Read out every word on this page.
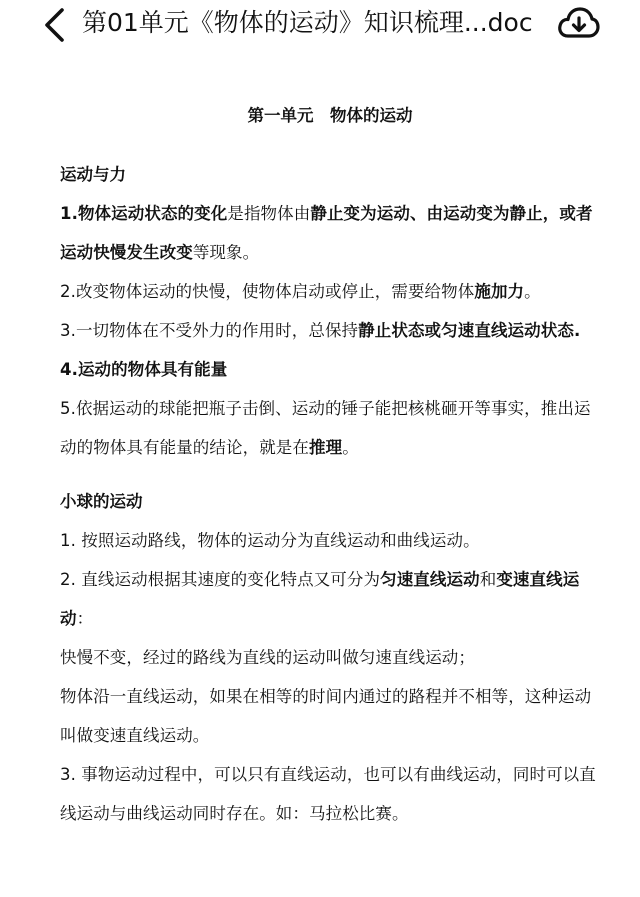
第01单元《物体的运动》知识梳理...doc
第一单元　物体的运动
运动与力

1.物体运动状态的变化是指物体由静止变为运动、由运动变为静止，或者运动快慢发生改变等现象。

2.改变物体运动的快慢，使物体启动或停止，需要给物体施加力。

3.一切物体在不受外力的作用时，总保持静止状态或匀速直线运动状态.

4.运动的物体具有能量

5.依据运动的球能把瓶子击倒、运动的锤子能把核桃砸开等事实，推出运动的物体具有能量的结论，就是在推理。

小球的运动

1. 按照运动路线，物体的运动分为直线运动和曲线运动。

2. 直线运动根据其速度的变化特点又可分为匀速直线运动和变速直线运动：

快慢不变，经过的路线为直线的运动叫做匀速直线运动；

物体沿一直线运动，如果在相等的时间内通过的路程并不相等，这种运动叫做变速直线运动。

3. 事物运动过程中，可以只有直线运动，也可以有曲线运动，同时可以直线运动与曲线运动同时存在。如：马拉松比赛。
